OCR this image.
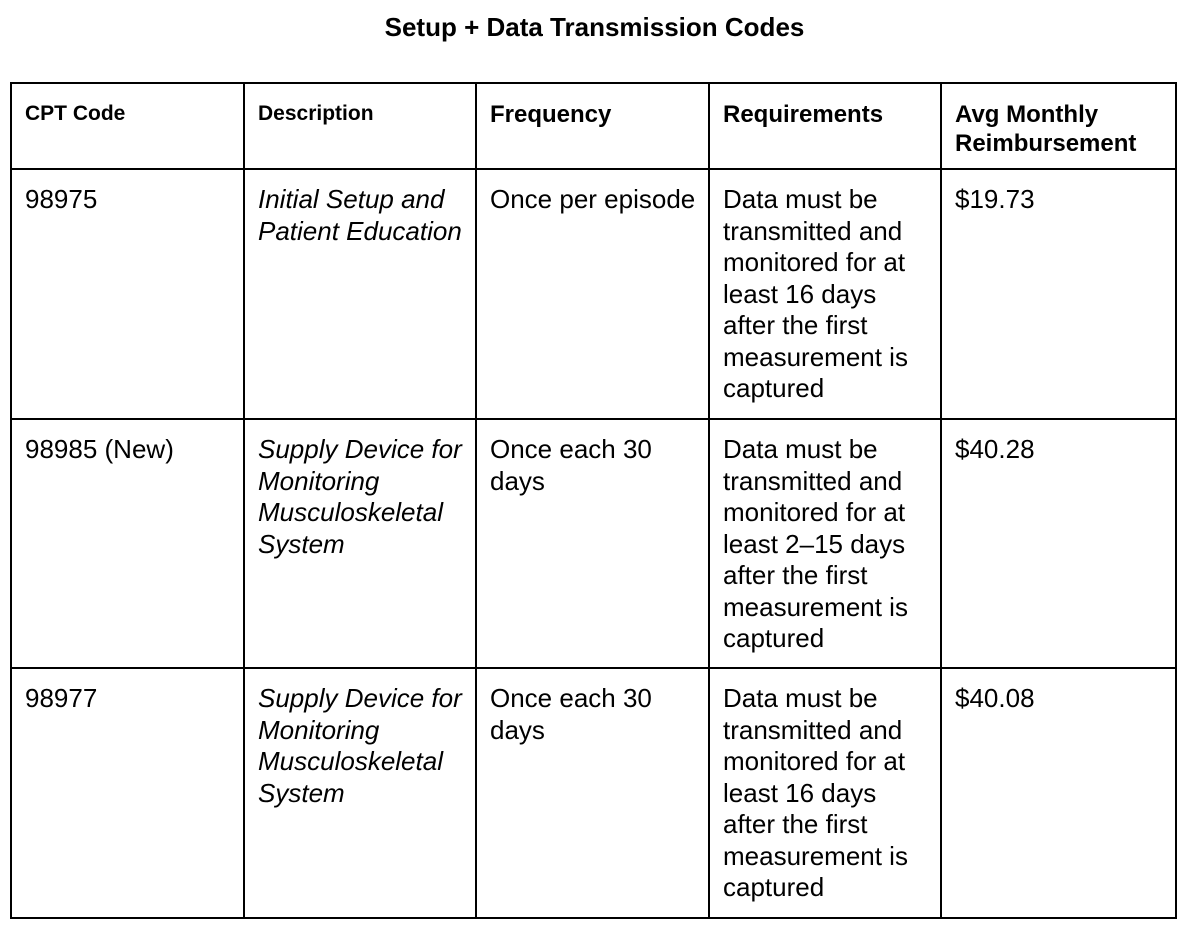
Setup + Data Transmission Codes
CPT Code	Description	Frequency	Requirements	Avg Monthly Reimbursement
98975	Initial Setup and Patient Education	Once per episode	Data must be transmitted and monitored for at least 16 days after the first measurement is captured	$19.73
98985 (New)	Supply Device for Monitoring Musculoskeletal System	Once each 30 days	Data must be transmitted and monitored for at least 2–15 days after the first measurement is captured	$40.28
98977	Supply Device for Monitoring Musculoskeletal System	Once each 30 days	Data must be transmitted and monitored for at least 16 days after the first measurement is captured	$40.08
